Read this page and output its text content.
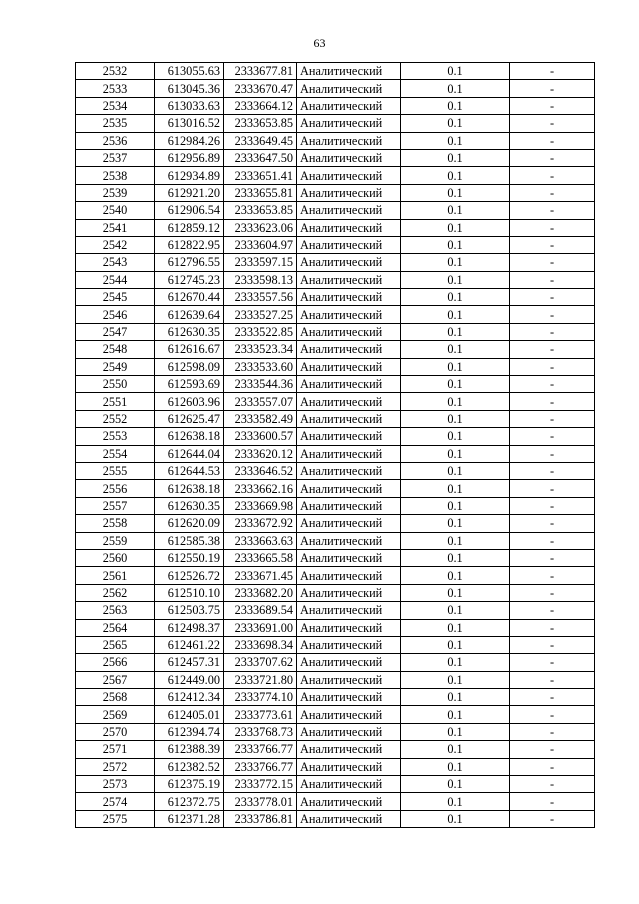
63
2532	613055.63	2333677.81	Аналитический	0.1	-
2533	613045.36	2333670.47	Аналитический	0.1	-
2534	613033.63	2333664.12	Аналитический	0.1	-
2535	613016.52	2333653.85	Аналитический	0.1	-
2536	612984.26	2333649.45	Аналитический	0.1	-
2537	612956.89	2333647.50	Аналитический	0.1	-
2538	612934.89	2333651.41	Аналитический	0.1	-
2539	612921.20	2333655.81	Аналитический	0.1	-
2540	612906.54	2333653.85	Аналитический	0.1	-
2541	612859.12	2333623.06	Аналитический	0.1	-
2542	612822.95	2333604.97	Аналитический	0.1	-
2543	612796.55	2333597.15	Аналитический	0.1	-
2544	612745.23	2333598.13	Аналитический	0.1	-
2545	612670.44	2333557.56	Аналитический	0.1	-
2546	612639.64	2333527.25	Аналитический	0.1	-
2547	612630.35	2333522.85	Аналитический	0.1	-
2548	612616.67	2333523.34	Аналитический	0.1	-
2549	612598.09	2333533.60	Аналитический	0.1	-
2550	612593.69	2333544.36	Аналитический	0.1	-
2551	612603.96	2333557.07	Аналитический	0.1	-
2552	612625.47	2333582.49	Аналитический	0.1	-
2553	612638.18	2333600.57	Аналитический	0.1	-
2554	612644.04	2333620.12	Аналитический	0.1	-
2555	612644.53	2333646.52	Аналитический	0.1	-
2556	612638.18	2333662.16	Аналитический	0.1	-
2557	612630.35	2333669.98	Аналитический	0.1	-
2558	612620.09	2333672.92	Аналитический	0.1	-
2559	612585.38	2333663.63	Аналитический	0.1	-
2560	612550.19	2333665.58	Аналитический	0.1	-
2561	612526.72	2333671.45	Аналитический	0.1	-
2562	612510.10	2333682.20	Аналитический	0.1	-
2563	612503.75	2333689.54	Аналитический	0.1	-
2564	612498.37	2333691.00	Аналитический	0.1	-
2565	612461.22	2333698.34	Аналитический	0.1	-
2566	612457.31	2333707.62	Аналитический	0.1	-
2567	612449.00	2333721.80	Аналитический	0.1	-
2568	612412.34	2333774.10	Аналитический	0.1	-
2569	612405.01	2333773.61	Аналитический	0.1	-
2570	612394.74	2333768.73	Аналитический	0.1	-
2571	612388.39	2333766.77	Аналитический	0.1	-
2572	612382.52	2333766.77	Аналитический	0.1	-
2573	612375.19	2333772.15	Аналитический	0.1	-
2574	612372.75	2333778.01	Аналитический	0.1	-
2575	612371.28	2333786.81	Аналитический	0.1	-
